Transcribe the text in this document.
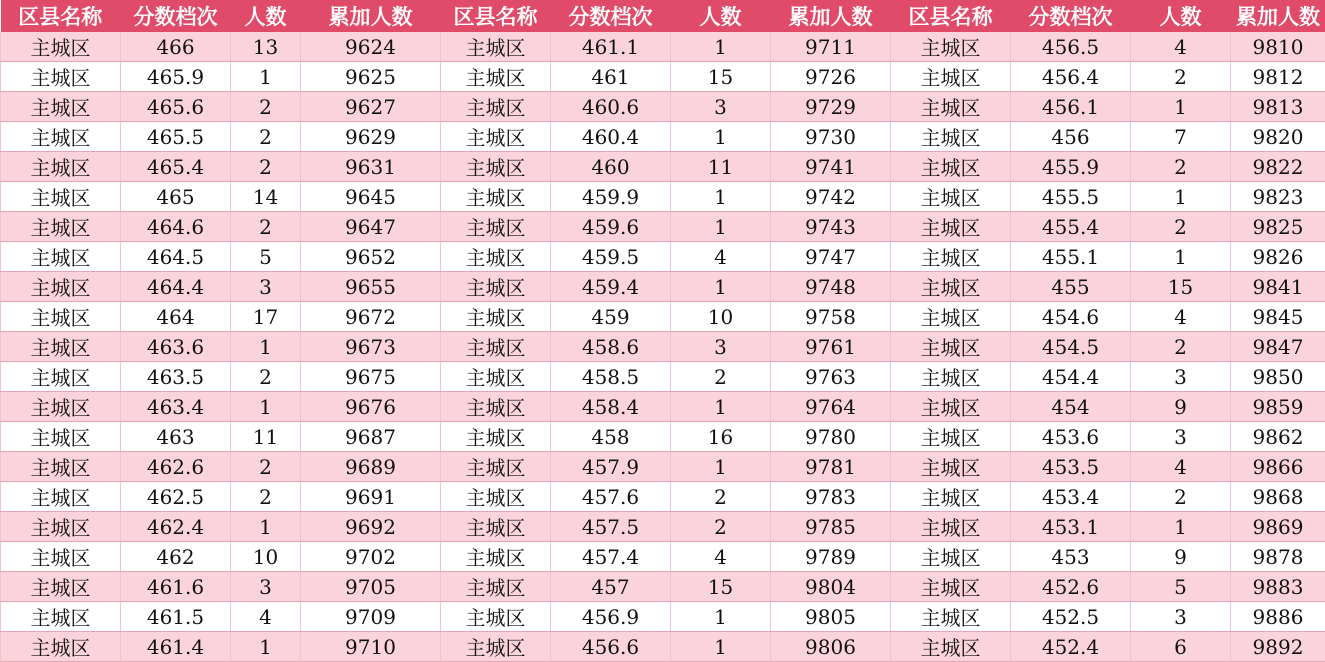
区县名称	分数档次	人数	累加人数	区县名称	分数档次	人数	累加人数	区县名称	分数档次	人数	累加人数
主城区	466	13	9624	主城区	461.1	1	9711	主城区	456.5	4	9810
主城区	465.9	1	9625	主城区	461	15	9726	主城区	456.4	2	9812
主城区	465.6	2	9627	主城区	460.6	3	9729	主城区	456.1	1	9813
主城区	465.5	2	9629	主城区	460.4	1	9730	主城区	456	7	9820
主城区	465.4	2	9631	主城区	460	11	9741	主城区	455.9	2	9822
主城区	465	14	9645	主城区	459.9	1	9742	主城区	455.5	1	9823
主城区	464.6	2	9647	主城区	459.6	1	9743	主城区	455.4	2	9825
主城区	464.5	5	9652	主城区	459.5	4	9747	主城区	455.1	1	9826
主城区	464.4	3	9655	主城区	459.4	1	9748	主城区	455	15	9841
主城区	464	17	9672	主城区	459	10	9758	主城区	454.6	4	9845
主城区	463.6	1	9673	主城区	458.6	3	9761	主城区	454.5	2	9847
主城区	463.5	2	9675	主城区	458.5	2	9763	主城区	454.4	3	9850
主城区	463.4	1	9676	主城区	458.4	1	9764	主城区	454	9	9859
主城区	463	11	9687	主城区	458	16	9780	主城区	453.6	3	9862
主城区	462.6	2	9689	主城区	457.9	1	9781	主城区	453.5	4	9866
主城区	462.5	2	9691	主城区	457.6	2	9783	主城区	453.4	2	9868
主城区	462.4	1	9692	主城区	457.5	2	9785	主城区	453.1	1	9869
主城区	462	10	9702	主城区	457.4	4	9789	主城区	453	9	9878
主城区	461.6	3	9705	主城区	457	15	9804	主城区	452.6	5	9883
主城区	461.5	4	9709	主城区	456.9	1	9805	主城区	452.5	3	9886
主城区	461.4	1	9710	主城区	456.6	1	9806	主城区	452.4	6	9892
